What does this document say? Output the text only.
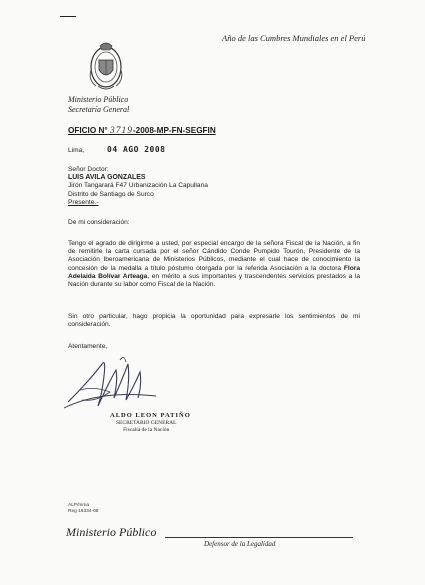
Año de las Cumbres Mundiales en el Perú
Ministerio Público
Secretaría General
OFICIO N° 3719-2008-MP-FN-SEGFIN
Lima,	04 AGO 2008
Señor Doctor:
LUIS AVILA GONZALES
Jirón Tangarará F47 Urbanización La Capullana
Distrito de Santiago de Surco
Presente.-
De mi consideración:
Tengo el agrado de dirigirme a usted, por especial encargo de la señora Fiscal de la Nación, a fin de remitirle la carta cursada por el señor Cándido Conde Pumpido Tourón, Presidente de la Asociación Iberoamericana de Ministerios Públicos, mediante el cual hace de conocimiento la concesión de la medalla a título póstumo otorgada por la referida Asociación a la doctora Flora Adelaida Bolívar Arteaga, en mérito a sus importantes y trascendentes servicios prestados a la Nación durante su labor como Fiscal de la Nación.
Sin otro particular, hago propicia la oportunidad para expresarle los sentimientos de mi consideración.
Atentamente,
ALDO LEON PATIÑO
SECRETARIO GENERAL
Fiscalía de la Nación
ALP/mma
Reg 16334-08
Ministerio Público
Defensor de la Legalidad
